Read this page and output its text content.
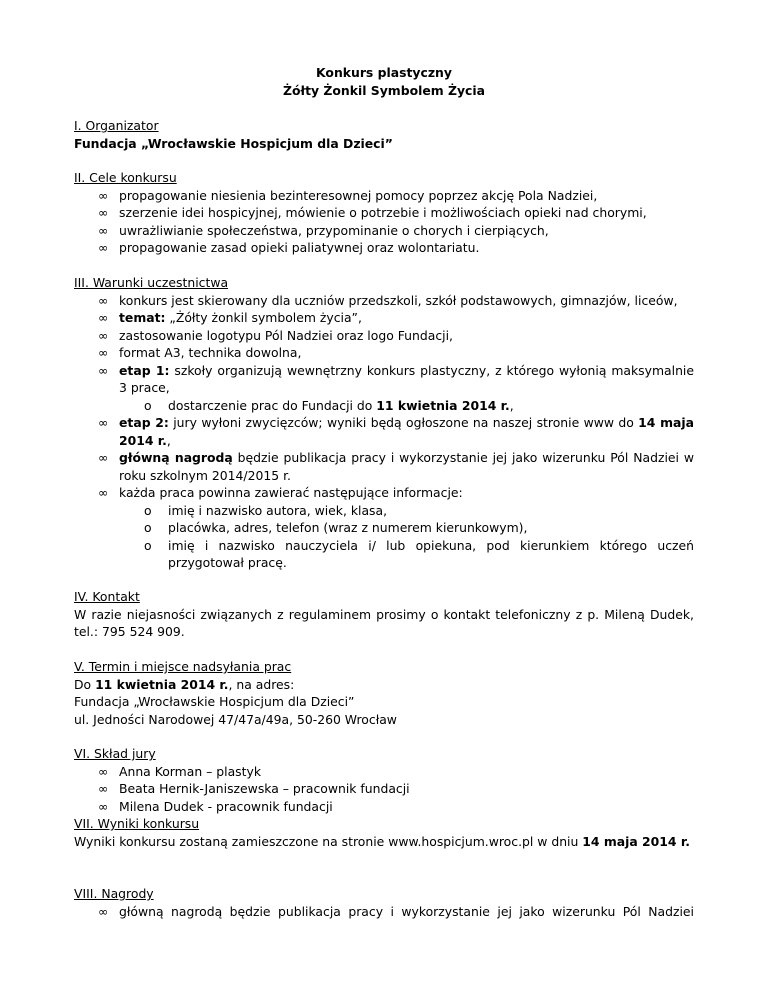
Konkurs plastyczny
Żółty Żonkil Symbolem Życia
I. Organizator
Fundacja „Wrocławskie Hospicjum dla Dzieci”
II. Cele konkursu
∞ propagowanie niesienia bezinteresownej pomocy poprzez akcję Pola Nadziei,
∞ szerzenie idei hospicyjnej, mówienie o potrzebie i możliwościach opieki nad chorymi,
∞ uwrażliwianie społeczeństwa, przypominanie o chorych i cierpiących,
∞ propagowanie zasad opieki paliatywnej oraz wolontariatu.
III. Warunki uczestnictwa
∞ konkurs jest skierowany dla uczniów przedszkoli, szkół podstawowych, gimnazjów, liceów,
∞ temat: „Żółty żonkil symbolem życia”,
∞ zastosowanie logotypu Pól Nadziei oraz logo Fundacji,
∞ format A3, technika dowolna,
∞ etap 1: szkoły organizują wewnętrzny konkurs plastyczny, z którego wyłonią maksymalnie 3 prace,
o dostarczenie prac do Fundacji do 11 kwietnia 2014 r.,
∞ etap 2: jury wyłoni zwycięzców; wyniki będą ogłoszone na naszej stronie www do 14 maja 2014 r.,
∞ główną nagrodą będzie publikacja pracy i wykorzystanie jej jako wizerunku Pól Nadziei w roku szkolnym 2014/2015 r.
∞ każda praca powinna zawierać następujące informacje:
o imię i nazwisko autora, wiek, klasa,
o placówka, adres, telefon (wraz z numerem kierunkowym),
o imię i nazwisko nauczyciela i/ lub opiekuna, pod kierunkiem którego uczeń przygotował pracę.
IV. Kontakt
W razie niejasności związanych z regulaminem prosimy o kontakt telefoniczny z p. Mileną Dudek, tel.: 795 524 909.
V. Termin i miejsce nadsyłania prac
Do 11 kwietnia 2014 r., na adres:
Fundacja „Wrocławskie Hospicjum dla Dzieci”
ul. Jedności Narodowej 47/47a/49a, 50-260 Wrocław
VI. Skład jury
∞ Anna Korman – plastyk
∞ Beata Hernik-Janiszewska – pracownik fundacji
∞ Milena Dudek - pracownik fundacji
VII. Wyniki konkursu
Wyniki konkursu zostaną zamieszczone na stronie www.hospicjum.wroc.pl w dniu 14 maja 2014 r.
VIII. Nagrody
∞ główną nagrodą będzie publikacja pracy i wykorzystanie jej jako wizerunku Pól Nadziei
